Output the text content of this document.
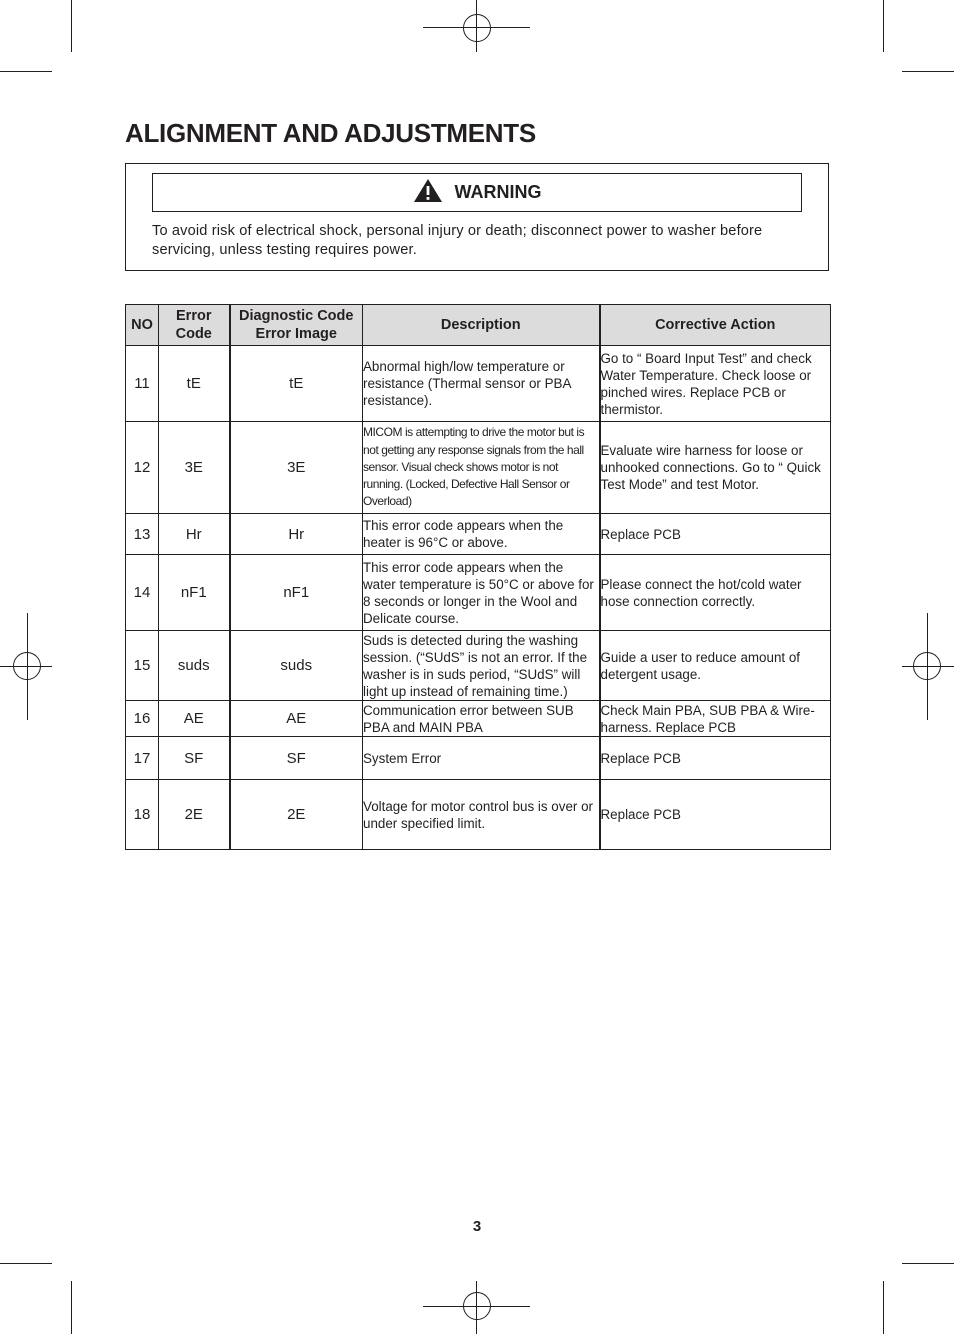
ALIGNMENT AND ADJUSTMENTS
WARNING
To avoid risk of electrical shock, personal injury or death; disconnect power to washer before servicing, unless testing requires power.
NO	Error Code	Diagnostic Code Error Image	Description	Corrective Action
11	tE	tE	Abnormal high/low temperature or resistance (Thermal sensor or PBA resistance).	Go to “ Board Input Test” and check Water Temperature. Check loose or pinched wires. Replace PCB or thermistor.
12	3E	3E	MICOM is attempting to drive the motor but is not getting any response signals from the hall sensor. Visual check shows motor is not running. (Locked, Defective Hall Sensor or Overload)	Evaluate wire harness for loose or unhooked connections. Go to “ Quick Test Mode” and test Motor.
13	Hr	Hr	This error code appears when the heater is 96°C or above.	Replace PCB
14	nF1	nF1	This error code appears when the water temperature is 50°C or above for 8 seconds or longer in the Wool and Delicate course.	Please connect the hot/cold water hose connection correctly.
15	suds	suds	Suds is detected during the washing session. (“SUdS” is not an error. If the washer is in suds period, “SUdS” will light up instead of remaining time.)	Guide a user to reduce amount of detergent usage.
16	AE	AE	Communication error between SUB PBA and MAIN PBA	Check Main PBA, SUB PBA & Wire-harness. Replace PCB
17	SF	SF	System Error	Replace PCB
18	2E	2E	Voltage for motor control bus is over or under specified limit.	Replace PCB
3
